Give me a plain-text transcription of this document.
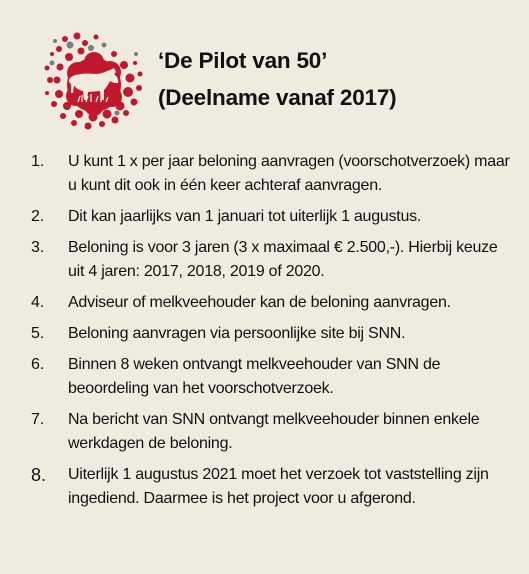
‘De Pilot van 50’
(Deelname vanaf 2017)
1. U kunt 1 x per jaar beloning aanvragen (voorschotverzoek) maar u kunt dit ook in één keer achteraf aanvragen.
2. Dit kan jaarlijks van 1 januari tot uiterlijk 1 augustus.
3. Beloning is voor 3 jaren (3 x maximaal € 2.500,-). Hierbij keuze uit 4 jaren: 2017, 2018, 2019 of 2020.
4. Adviseur of melkveehouder kan de beloning aanvragen.
5. Beloning aanvragen via persoonlijke site bij SNN.
6. Binnen 8 weken ontvangt melkveehouder van SNN de beoordeling van het voorschotverzoek.
7. Na bericht van SNN ontvangt melkveehouder binnen enkele werkdagen de beloning.
8. Uiterlijk 1 augustus 2021 moet het verzoek tot vaststelling zijn ingediend. Daarmee is het project voor u afgerond.
